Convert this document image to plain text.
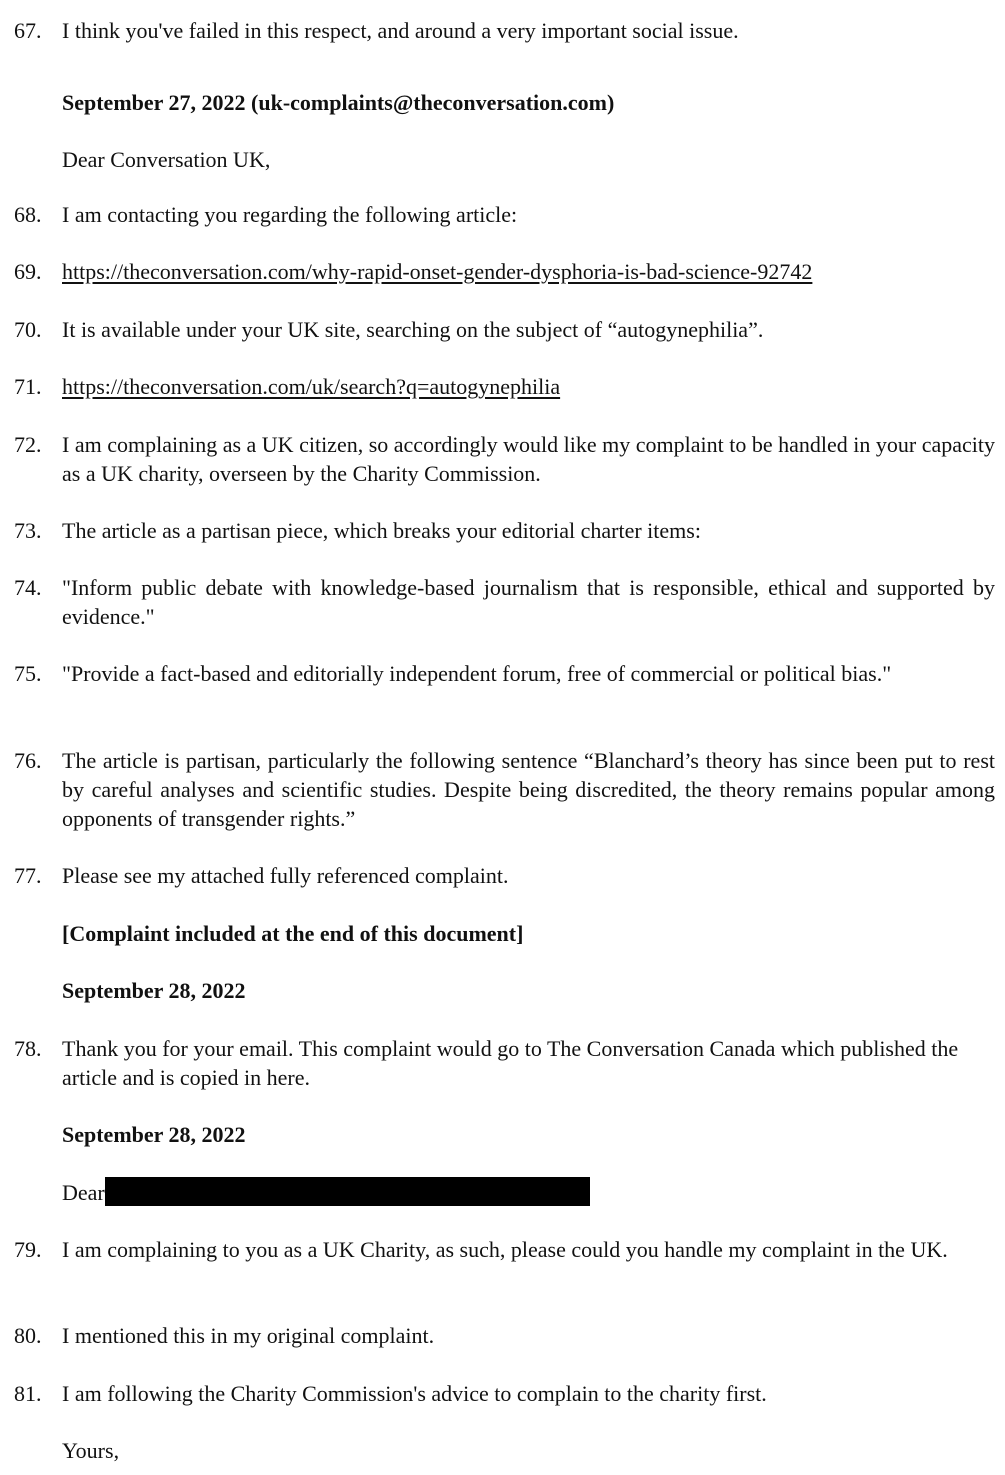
67. I think you've failed in this respect, and around a very important social issue.
September 27, 2022 (uk-complaints@theconversation.com)
Dear Conversation UK,
68. I am contacting you regarding the following article:
69. https://theconversation.com/why-rapid-onset-gender-dysphoria-is-bad-science-92742
70. It is available under your UK site, searching on the subject of “autogynephilia”.
71. https://theconversation.com/uk/search?q=autogynephilia
72. I am complaining as a UK citizen, so accordingly would like my complaint to be handled in your capacity as a UK charity, overseen by the Charity Commission.
73. The article as a partisan piece, which breaks your editorial charter items:
74. "Inform public debate with knowledge-based journalism that is responsible, ethical and supported by evidence."
75. "Provide a fact-based and editorially independent forum, free of commercial or political bias."
76. The article is partisan, particularly the following sentence “Blanchard’s theory has since been put to rest by careful analyses and scientific studies. Despite being discredited, the theory remains popular among opponents of transgender rights.”
77. Please see my attached fully referenced complaint.
[Complaint included at the end of this document]
September 28, 2022
78. Thank you for your email. This complaint would go to The Conversation Canada which published the article and is copied in here.
September 28, 2022
Dear
79. I am complaining to you as a UK Charity, as such, please could you handle my complaint in the UK.
80. I mentioned this in my original complaint.
81. I am following the Charity Commission's advice to complain to the charity first.
Yours,
